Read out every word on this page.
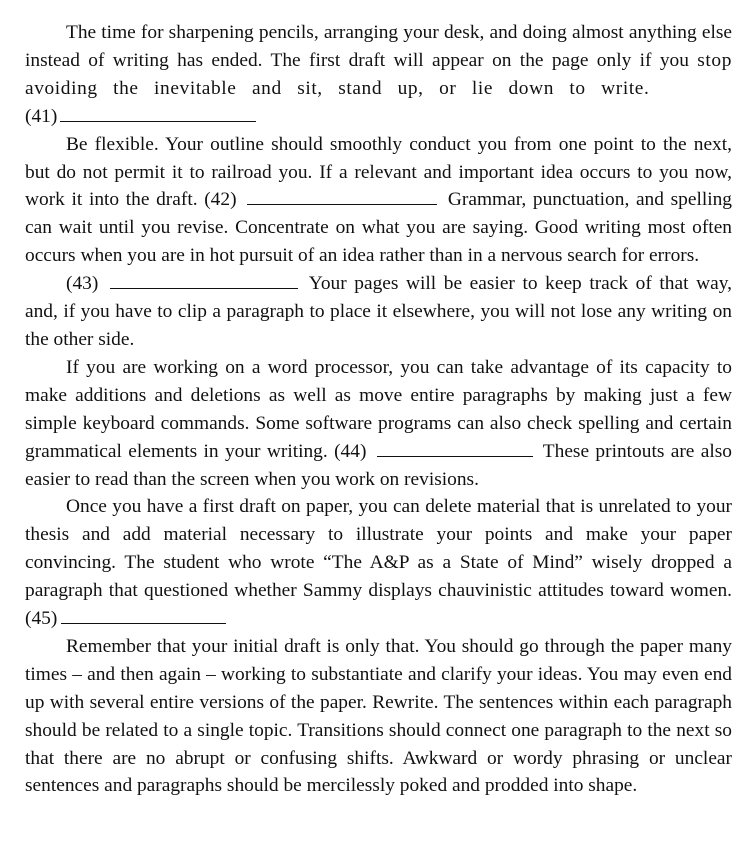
The time for sharpening pencils, arranging your desk, and doing almost anything else instead of writing has ended. The first draft will appear on the page only if you stop avoiding the inevitable and sit, stand up, or lie down to write.
(41)

Be flexible. Your outline should smoothly conduct you from one point to the next, but do not permit it to railroad you. If a relevant and important idea occurs to you now, work it into the draft. (42)	Grammar, punctuation, and spelling can wait until you revise. Concentrate on what you are saying. Good writing most often occurs when you are in hot pursuit of an idea rather than in a nervous search for errors.

(43)	Your pages will be easier to keep track of that way, and, if you have to clip a paragraph to place it elsewhere, you will not lose any writing on the other side.

If you are working on a word processor, you can take advantage of its capacity to make additions and deletions as well as move entire paragraphs by making just a few simple keyboard commands. Some software programs can also check spelling and certain grammatical elements in your writing. (44)	These printouts are also easier to read than the screen when you work on revisions.

Once you have a first draft on paper, you can delete material that is unrelated to your thesis and add material necessary to illustrate your points and make your paper convincing. The student who wrote “The A&P as a State of Mind” wisely dropped a paragraph that questioned whether Sammy displays chauvinistic attitudes toward women. (45)

Remember that your initial draft is only that. You should go through the paper many times – and then again – working to substantiate and clarify your ideas. You may even end up with several entire versions of the paper. Rewrite. The sentences within each paragraph should be related to a single topic. Transitions should connect one paragraph to the next so that there are no abrupt or confusing shifts. Awkward or wordy phrasing or unclear sentences and paragraphs should be mercilessly poked and prodded into shape.
